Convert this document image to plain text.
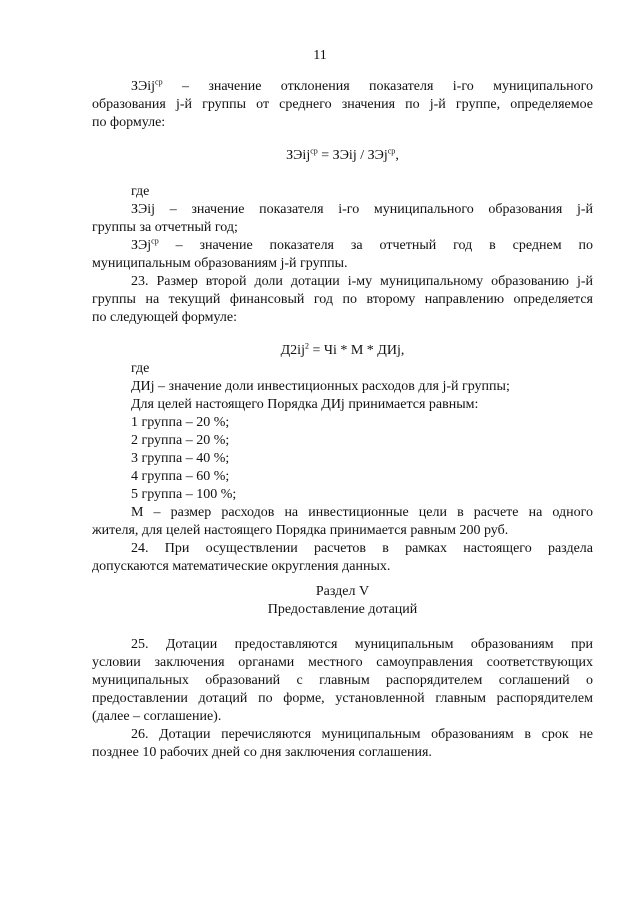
11
ЗЭij$^{ср}$ – значение отклонения показателя i-го муниципального
образования j-й группы от среднего значения по j-й группе, определяемое
по формуле:
ЗЭij$^{ср}$ = ЗЭij / ЗЭj$^{ср}$,
где
ЗЭij – значение показателя i-го муниципального образования j-й
группы за отчетный год;
ЗЭj$^{ср}$ – значение показателя за отчетный год в среднем по
муниципальным образованиям j-й группы.
23. Размер второй доли дотации i-му муниципальному образованию j-й
группы на текущий финансовый год по второму направлению определяется
по следующей формуле:
$Д2ij^2$ = Чi * М * ДИj,
где
ДИj – значение доли инвестиционных расходов для j-й группы;
Для целей настоящего Порядка ДИj принимается равным:
1 группа – 20 %;
2 группа – 20 %;
3 группа – 40 %;
4 группа – 60 %;
5 группа – 100 %;
М – размер расходов на инвестиционные цели в расчете на одного
жителя, для целей настоящего Порядка принимается равным 200 руб.
24. При осуществлении расчетов в рамках настоящего раздела
допускаются математические округления данных.
Раздел V
Предоставление дотаций
25. Дотации предоставляются муниципальным образованиям при
условии заключения органами местного самоуправления соответствующих
муниципальных образований с главным распорядителем соглашений о
предоставлении дотаций по форме, установленной главным распорядителем
(далее – соглашение).
26. Дотации перечисляются муниципальным образованиям в срок не
позднее 10 рабочих дней со дня заключения соглашения.
